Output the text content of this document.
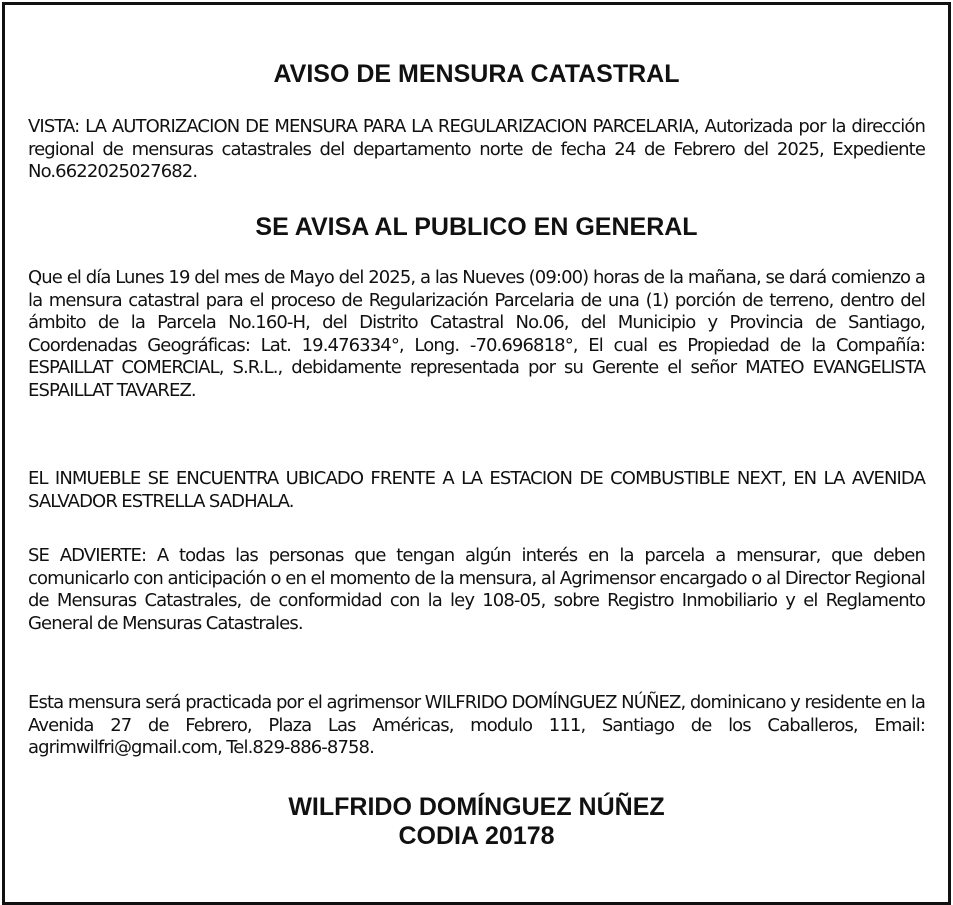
AVISO DE MENSURA CATASTRAL

VISTA: LA AUTORIZACION DE MENSURA PARA LA REGULARIZACION PARCELARIA, Autorizada por la dirección regional de mensuras catastrales del departamento norte de fecha 24 de Febrero del 2025, Expediente No.6622025027682.

SE AVISA AL PUBLICO EN GENERAL

Que el día Lunes 19 del mes de Mayo del 2025, a las Nueves (09:00) horas de la mañana, se dará comienzo a la mensura catastral para el proceso de Regularización Parcelaria de una (1) porción de terreno, dentro del ámbito de la Parcela No.160-H, del Distrito Catastral No.06, del Municipio y Provincia de Santiago, Coordenadas Geográficas: Lat. 19.476334°, Long. -70.696818°, El cual es Propiedad de la Compañía: ESPAILLAT COMERCIAL, S.R.L., debidamente representada por su Gerente el señor MATEO EVANGELISTA ESPAILLAT TAVAREZ.

EL INMUEBLE SE ENCUENTRA UBICADO FRENTE A LA ESTACION DE COMBUSTIBLE NEXT, EN LA AVENIDA SALVADOR ESTRELLA SADHALA.

SE ADVIERTE: A todas las personas que tengan algún interés en la parcela a mensurar, que deben comunicarlo con anticipación o en el momento de la mensura, al Agrimensor encargado o al Director Regional de Mensuras Catastrales, de conformidad con la ley 108-05, sobre Registro Inmobiliario y el Reglamento General de Mensuras Catastrales.

Esta mensura será practicada por el agrimensor WILFRIDO DOMÍNGUEZ NÚÑEZ, dominicano y residente en la Avenida 27 de Febrero, Plaza Las Américas, modulo 111, Santiago de los Caballeros, Email: agrimwilfri@gmail.com, Tel.829-886-8758.

WILFRIDO DOMÍNGUEZ NÚÑEZ
CODIA 20178
